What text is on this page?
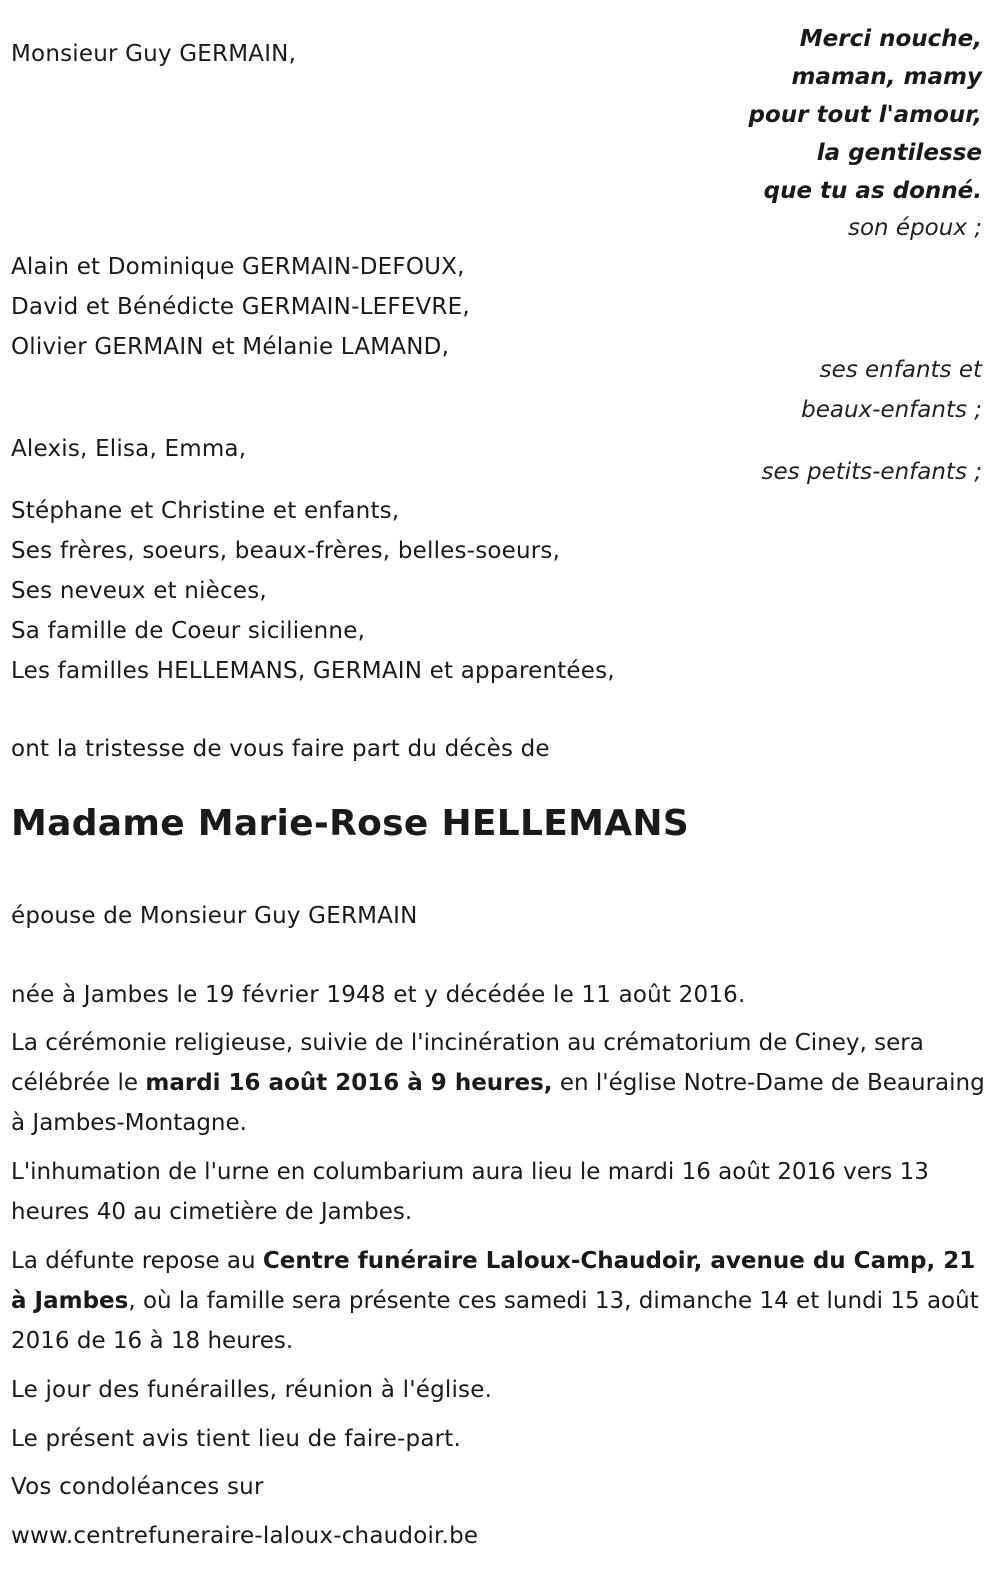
Monsieur Guy GERMAIN,
Merci nouche,
maman, mamy
pour tout l'amour,
la gentilesse
que tu as donné.
son époux ;
Alain et Dominique GERMAIN-DEFOUX,
David et Bénédicte GERMAIN-LEFEVRE,
Olivier GERMAIN et Mélanie LAMAND,
ses enfants et
beaux-enfants ;
Alexis, Elisa, Emma,
ses petits-enfants ;
Stéphane et Christine et enfants,
Ses frères, soeurs, beaux-frères, belles-soeurs,
Ses neveux et nièces,
Sa famille de Coeur sicilienne,
Les familles HELLEMANS, GERMAIN et apparentées,
ont la tristesse de vous faire part du décès de
Madame Marie-Rose HELLEMANS
épouse de Monsieur Guy GERMAIN
née à Jambes le 19 février 1948 et y décédée le 11 août 2016.
La cérémonie religieuse, suivie de l'incinération au crématorium de Ciney, sera célébrée le mardi 16 août 2016 à 9 heures, en l'église Notre-Dame de Beauraing à Jambes-Montagne.
L'inhumation de l'urne en columbarium aura lieu le mardi 16 août 2016 vers 13 heures 40 au cimetière de Jambes.
La défunte repose au Centre funéraire Laloux-Chaudoir, avenue du Camp, 21 à Jambes, où la famille sera présente ces samedi 13, dimanche 14 et lundi 15 août 2016 de 16 à 18 heures.
Le jour des funérailles, réunion à l'église.
Le présent avis tient lieu de faire-part.
Vos condoléances sur
www.centrefuneraire-laloux-chaudoir.be
